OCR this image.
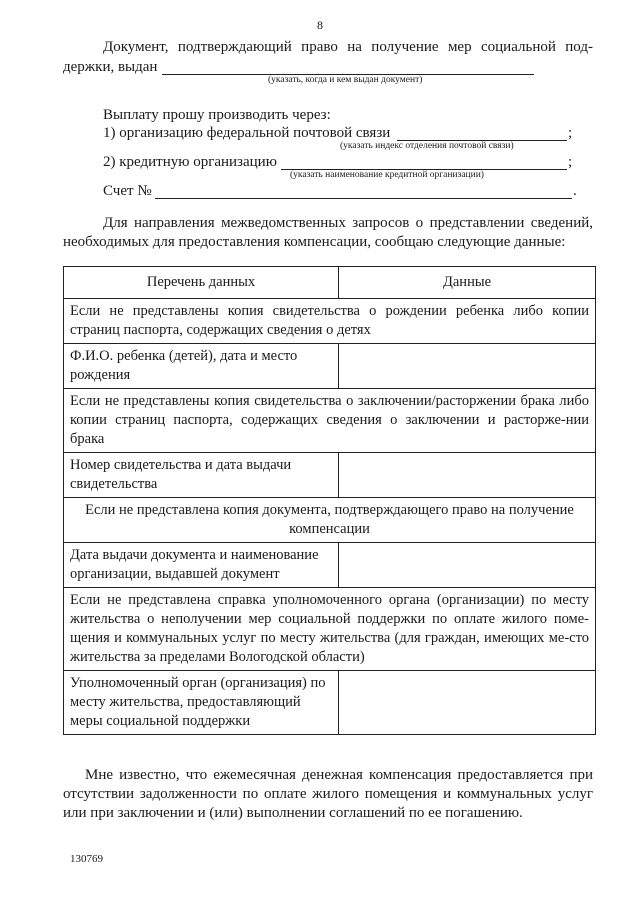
8
Документ, подтверждающий право на получение мер социальной под-
держки, выдан
(указать, когда и кем выдан документ)
Выплату прошу производить через:
1) организацию федеральной почтовой связи	;
(указать индекс отделения почтовой связи)
2) кредитную организацию	;
(указать наименование кредитной организации)
Счет №	.
Для направления межведомственных запросов о представлении сведений,
необходимых для предоставления компенсации, сообщаю следующие данные:
Перечень данных	Данные
Если не представлены копия свидетельства о рождении ребенка либо копии страниц паспорта, содержащих сведения о детях	
Ф.И.О. ребенка (детей), дата и место рождения	
Если не представлены копия свидетельства о заключении/расторжении брака либо копии страниц паспорта, содержащих сведения о заключении и расторже-нии брака	
Номер свидетельства и дата выдачи свидетельства	
Если не представлена копия документа, подтверждающего право на получение компенсации	
Дата выдачи документа и наименование организации, выдавшей документ	
Если не представлена справка уполномоченного органа (организации) по месту жительства о неполучении мер социальной поддержки по оплате жилого поме-щения и коммунальных услуг по месту жительства (для граждан, имеющих ме-сто жительства за пределами Вологодской области)	
Уполномоченный орган (организация) по месту жительства, предоставляющий меры социальной поддержки	
Мне известно, что ежемесячная денежная компенсация предоставляется при
отсутствии задолженности по оплате жилого помещения и коммунальных услуг
или при заключении и (или) выполнении соглашений по ее погашению.
130769
